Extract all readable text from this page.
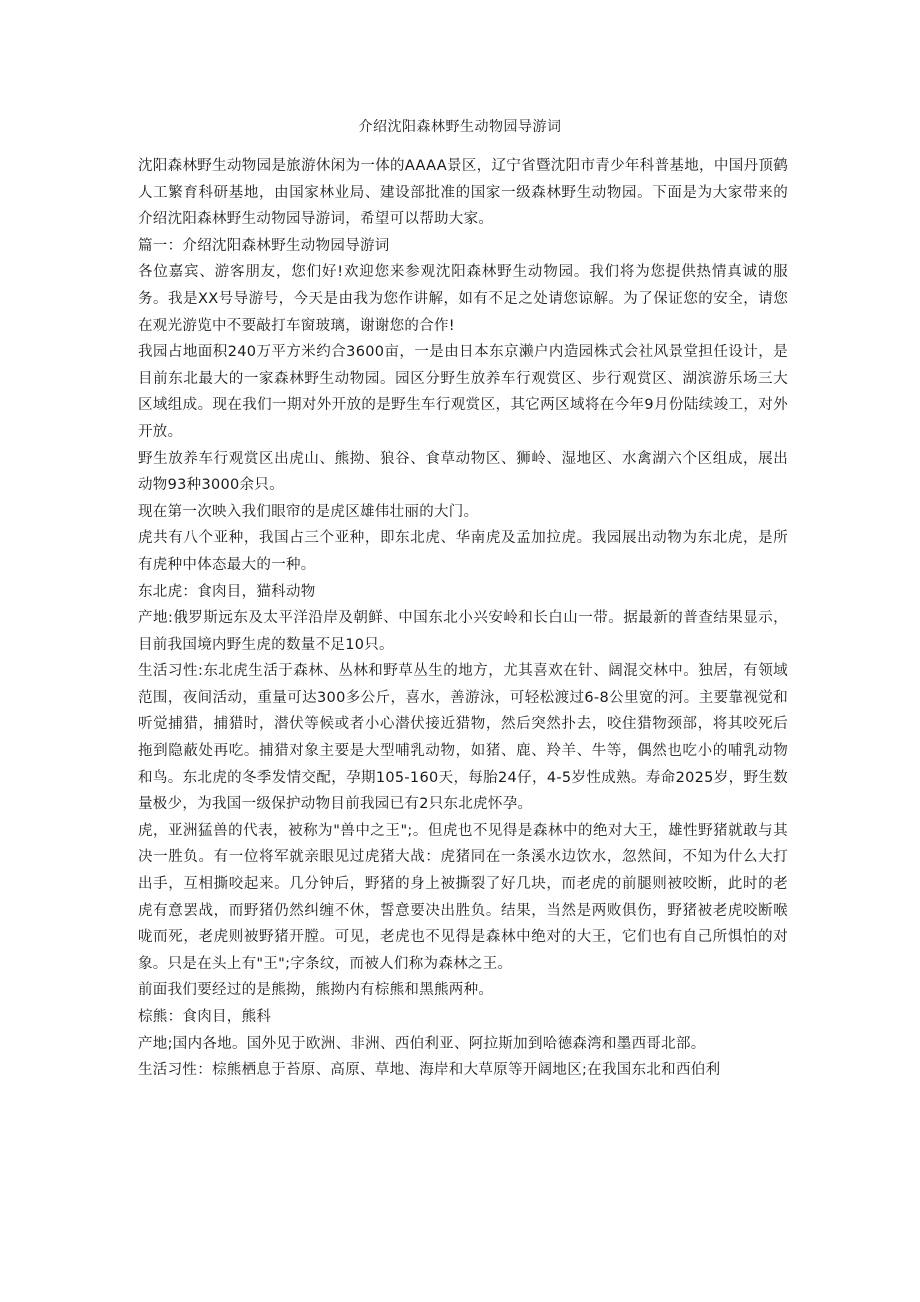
介绍沈阳森林野生动物园导游词

沈阳森林野生动物园是旅游休闲为一体的AAAA景区，辽宁省暨沈阳市青少年科普基地，中国丹顶鹤人工繁育科研基地，由国家林业局、建设部批准的国家一级森林野生动物园。下面是为大家带来的介绍沈阳森林野生动物园导游词，希望可以帮助大家。

篇一：介绍沈阳森林野生动物园导游词

各位嘉宾、游客朋友，您们好!欢迎您来参观沈阳森林野生动物园。我们将为您提供热情真诚的服务。我是XX号导游号，今天是由我为您作讲解，如有不足之处请您谅解。为了保证您的安全，请您在观光游览中不要敲打车窗玻璃，谢谢您的合作!

我园占地面积240万平方米约合3600亩，一是由日本东京濑户内造园株式会社风景堂担任设计，是目前东北最大的一家森林野生动物园。园区分野生放养车行观赏区、步行观赏区、湖滨游乐场三大区域组成。现在我们一期对外开放的是野生车行观赏区，其它两区域将在今年9月份陆续竣工，对外开放。

野生放养车行观赏区出虎山、熊拗、狼谷、食草动物区、狮岭、湿地区、水禽湖六个区组成，展出动物93种3000余只。

现在第一次映入我们眼帘的是虎区雄伟壮丽的大门。

虎共有八个亚种，我国占三个亚种，即东北虎、华南虎及孟加拉虎。我园展出动物为东北虎，是所有虎种中体态最大的一种。

东北虎：食肉目，猫科动物

产地:俄罗斯远东及太平洋沿岸及朝鲜、中国东北小兴安岭和长白山一带。据最新的普查结果显示，目前我国境内野生虎的数量不足10只。

生活习性:东北虎生活于森林、丛林和野草丛生的地方，尤其喜欢在针、阔混交林中。独居，有领域范围，夜间活动，重量可达300多公斤，喜水，善游泳，可轻松渡过6-8公里宽的河。主要靠视觉和听觉捕猎，捕猎时，潜伏等候或者小心潜伏接近猎物，然后突然扑去，咬住猎物颈部，将其咬死后拖到隐蔽处再吃。捕猎对象主要是大型哺乳动物，如猪、鹿、羚羊、牛等，偶然也吃小的哺乳动物和鸟。东北虎的冬季发情交配，孕期105-160天，每胎24仔，4-5岁性成熟。寿命2025岁，野生数量极少，为我国一级保护动物目前我园已有2只东北虎怀孕。

虎，亚洲猛兽的代表，被称为"兽中之王";。但虎也不见得是森林中的绝对大王，雄性野猪就敢与其决一胜负。有一位将军就亲眼见过虎猪大战：虎猪同在一条溪水边饮水，忽然间，不知为什么大打出手，互相撕咬起来。几分钟后，野猪的身上被撕裂了好几块，而老虎的前腿则被咬断，此时的老虎有意罢战，而野猪仍然纠缠不休，誓意要决出胜负。结果，当然是两败俱伤，野猪被老虎咬断喉咙而死，老虎则被野猪开膛。可见，老虎也不见得是森林中绝对的大王，它们也有自己所惧怕的对象。只是在头上有"王";字条纹，而被人们称为森林之王。

前面我们要经过的是熊拗，熊拗内有棕熊和黑熊两种。

棕熊：食肉目，熊科

产地;国内各地。国外见于欧洲、非洲、西伯利亚、阿拉斯加到哈德森湾和墨西哥北部。

生活习性：棕熊栖息于苔原、高原、草地、海岸和大草原等开阔地区;在我国东北和西伯利
